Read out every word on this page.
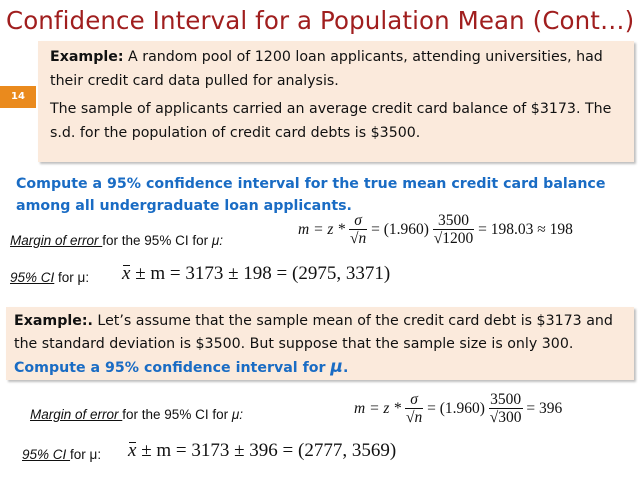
Confidence Interval for a Population Mean (Cont…)
14

Example: A random pool of 1200 loan applicants, attending universities, had their credit card data pulled for analysis.

The sample of applicants carried an average credit card balance of $3173. The s.d. for the population of credit card debts is $3500.

Compute a 95% confidence interval for the true mean credit card balance among all undergraduate loan applicants.

Margin of error for the 95% CI for μ:
$m = z * \frac{\sigma}{√n} = (1.960) \frac{3500}{√1200} = 198.03 \approx 198$
95% CI for μ: x ± m = 3173 ± 198 = (2975, 3371)

Example:. Let’s assume that the sample mean of the credit card debt is $3173 and the standard deviation is $3500. But suppose that the sample size is only 300. Compute a 95% confidence interval for μ.

Margin of error for the 95% CI for μ:	$m = z * \frac{\sigma}{√n} = (1.960) \frac{3500}{√300} = 396$
95% CI for μ: x ± m = 3173 ± 396 = (2777, 3569)
